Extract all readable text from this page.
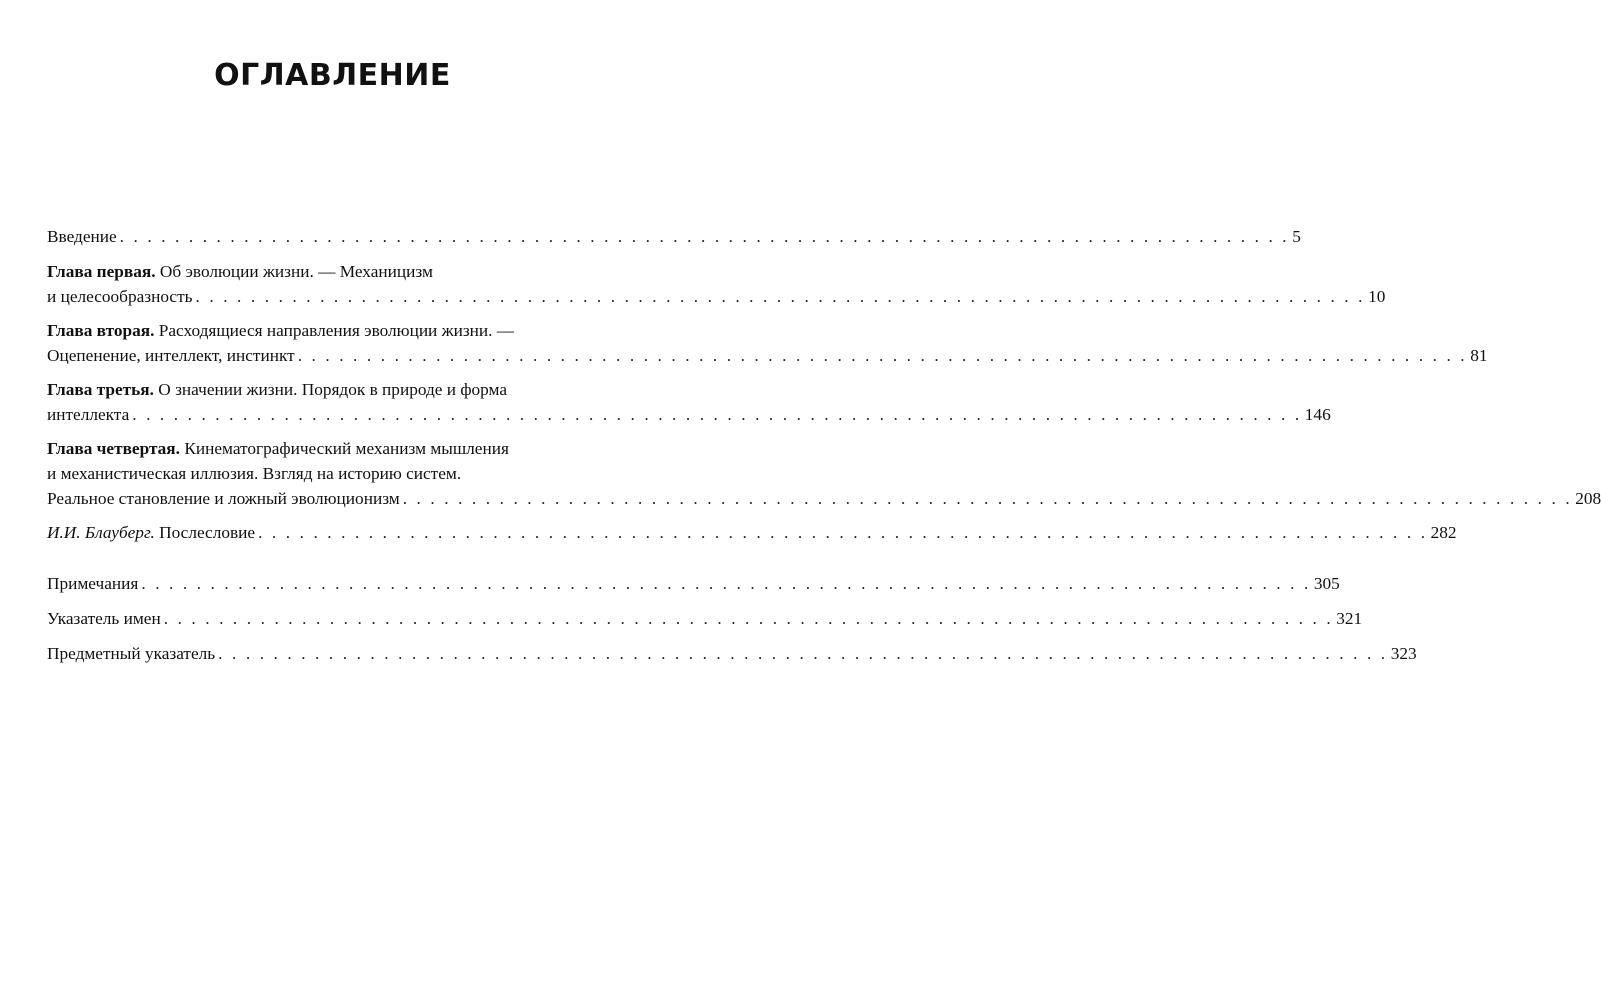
ОГЛАВЛЕНИЕ
Введение . . . . . . . . . . . . . . . . . . . . . . . . . . . . . . . . . . . . . . . . . . . . . . . . . . . . . . . . . . . . . . . . . . . . . . . . . . . . . . . . . . . . . 5
Глава первая. Об эволюции жизни. — Механицизм
и целесообразность . . . . . . . . . . . . . . . . . . . . . . . . . . . . . . . . . . . . . . . . . . . . . . . . . . . . . . . . . . . . . . . . . . . . . . . . . . . . . . . . . . . . . 10
Глава вторая. Расходящиеся направления эволюции жизни. —
Оцепенение, интеллект, инстинкт . . . . . . . . . . . . . . . . . . . . . . . . . . . . . . . . . . . . . . . . . . . . . . . . . . . . . . . . . . . . . . . . . . . . . . . . . . . . . . . . . . . . . 81
Глава третья. О значении жизни. Порядок в природе и форма
интеллекта . . . . . . . . . . . . . . . . . . . . . . . . . . . . . . . . . . . . . . . . . . . . . . . . . . . . . . . . . . . . . . . . . . . . . . . . . . . . . . . . . . . . . 146
Глава четвертая. Кинематографический механизм мышления
и механистическая иллюзия. Взгляд на историю систем.
Реальное становление и ложный эволюционизм . . . . . . . . . . . . . . . . . . . . . . . . . . . . . . . . . . . . . . . . . . . . . . . . . . . . . . . . . . . . . . . . . . . . . . . . . . . . . . . . . . . . . 208
И.И. Блауберг. Послесловие . . . . . . . . . . . . . . . . . . . . . . . . . . . . . . . . . . . . . . . . . . . . . . . . . . . . . . . . . . . . . . . . . . . . . . . . . . . . . . . . . . . . . 282
Примечания . . . . . . . . . . . . . . . . . . . . . . . . . . . . . . . . . . . . . . . . . . . . . . . . . . . . . . . . . . . . . . . . . . . . . . . . . . . . . . . . . . . . . 305
Указатель имен . . . . . . . . . . . . . . . . . . . . . . . . . . . . . . . . . . . . . . . . . . . . . . . . . . . . . . . . . . . . . . . . . . . . . . . . . . . . . . . . . . . . . 321
Предметный указатель . . . . . . . . . . . . . . . . . . . . . . . . . . . . . . . . . . . . . . . . . . . . . . . . . . . . . . . . . . . . . . . . . . . . . . . . . . . . . . . . . . . . . 323
